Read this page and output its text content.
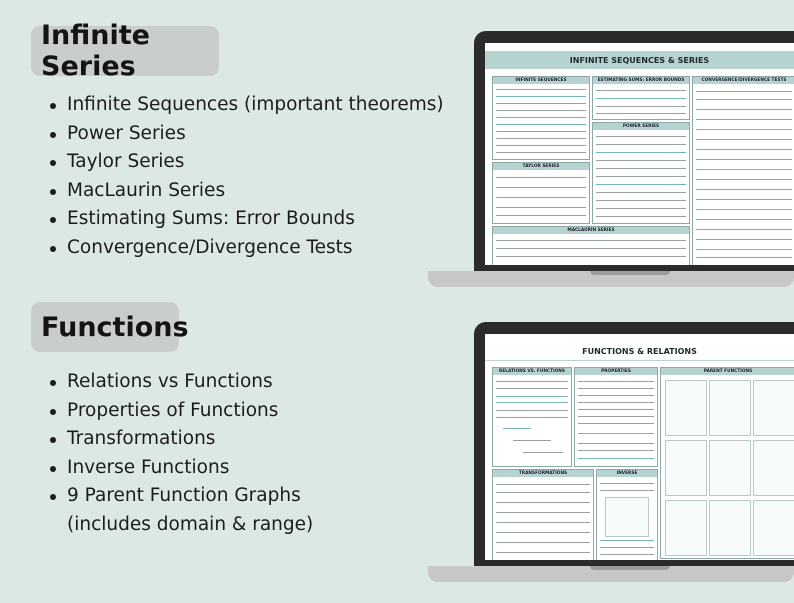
Infinite Series
Infinite Sequences (important theorems)
Power Series
Taylor Series
MacLaurin Series
Estimating Sums: Error Bounds
Convergence/Divergence Tests
Functions
Relations vs Functions
Properties of Functions
Transformations
Inverse Functions
9 Parent Function Graphs
(includes domain & range)
INFINITE SEQUENCES & SERIES
INFINITE SEQUENCES
TAYLOR SERIES
ESTIMATING SUMS: ERROR BOUNDS
POWER SERIES
MACLAURIN SERIES
CONVERGENCE/DIVERGENCE TESTS
FUNCTIONS & RELATIONS
RELATIONS VS. FUNCTIONS	PROPERTIES	PARENT FUNCTIONS
TRANSFORMATIONS	INVERSE
